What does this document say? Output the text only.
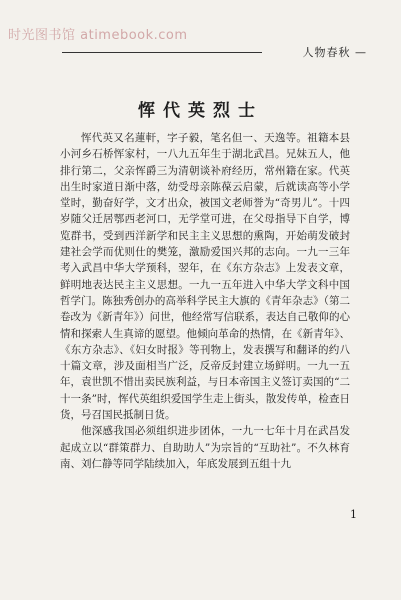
时光图书馆 atimebook.com
人物春秋 —
恽代英烈士

恽代英又名蓮軒，字子毅，笔名但一、天逸等。祖籍本县小河乡石桥恽家村，一八九五年生于湖北武昌。兄妹五人，他排行第二，父亲恽爵三为清朝谈补府经历，常州籍在家。代英出生时家道日渐中落，幼受母亲陈葆云启蒙，后就读高等小学堂时，勤奋好学，文才出众，被国文老师誉为“奇男儿”。十四岁随父迁居鄂西老河口，无学堂可进，在父母指导下自学，博览群书，受到西洋新学和民主主义思想的熏陶，开始萌发破封建社会学而优则仕的樊笼，激励爱国兴邦的志向。一九一三年考入武昌中华大学预科，翌年，在《东方杂志》上发表文章，鲜明地表达民主主义思想。一九一五年进入中华大学文科中国哲学门。陈独秀创办的高举科学民主大旗的《青年杂志》（第二卷改为《新青年》）问世，他经常写信联系，表达自己敬仰的心情和探索人生真谛的愿望。他倾向革命的热情，在《新青年》、《东方杂志》、《妇女时报》等刊物上，发表撰写和翻译的约八十篇文章，涉及面相当广泛，反帝反封建立场鲜明。一九一五年，袁世凯不惜出卖民族利益，与日本帝国主义签订卖国的“二十一条”时，恽代英组织爱国学生走上街头，散发传单，检查日货，号召国民抵制日货。

他深感我国必须组织进步团体，一九一七年十月在武昌发起成立以“群策群力、自助助人”为宗旨的“互助社”。不久林育南、刘仁静等同学陆续加入，年底发展到五组十九

1
